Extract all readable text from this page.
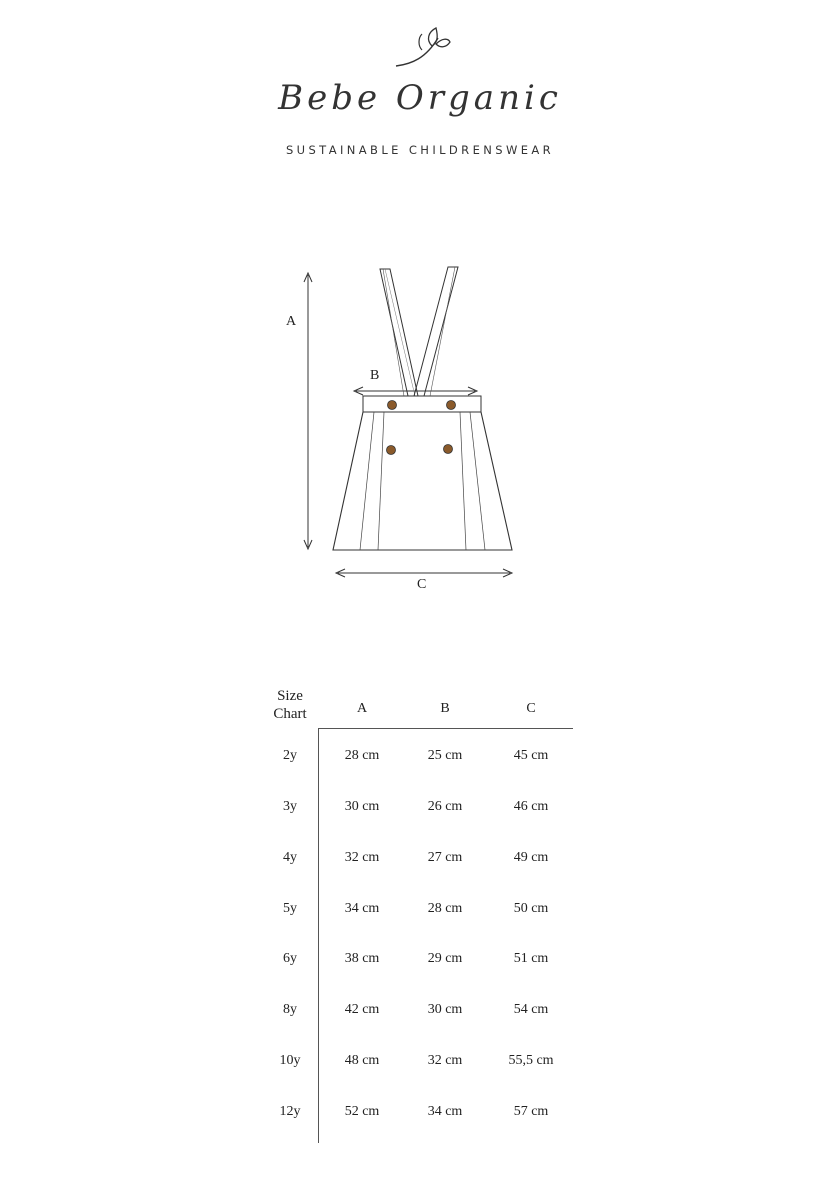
Bebe Organic
SUSTAINABLE CHILDRENSWEAR
A
B
C
Size
Chart	A	B	C
2y	28 cm	25 cm	45 cm
3y	30 cm	26 cm	46 cm
4y	32 cm	27 cm	49 cm
5y	34 cm	28 cm	50 cm
6y	38 cm	29 cm	51 cm
8y	42 cm	30 cm	54 cm
10y	48 cm	32 cm	55,5 cm
12y	52 cm	34 cm	57 cm
